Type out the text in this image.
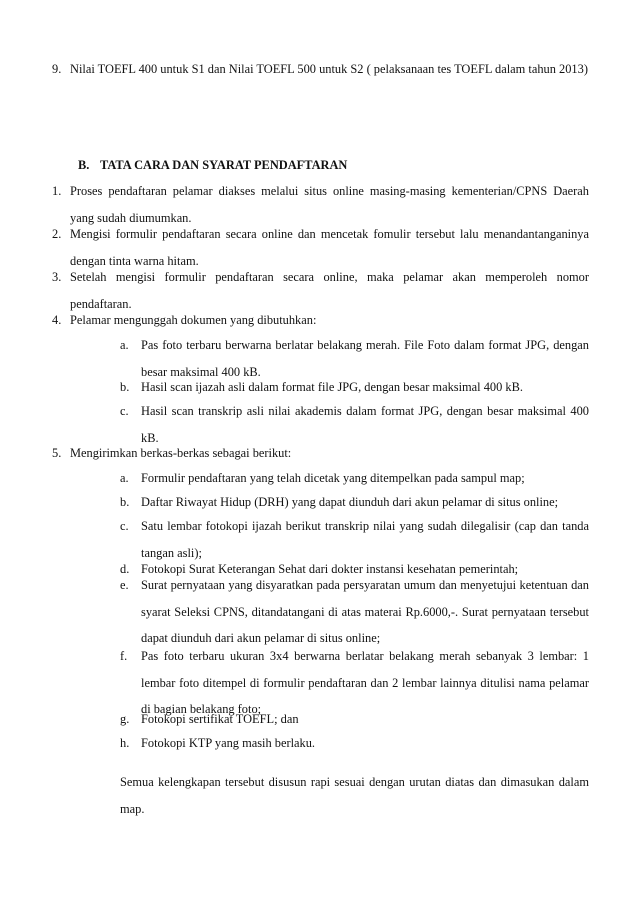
9. Nilai TOEFL 400 untuk S1 dan Nilai TOEFL 500 untuk S2 ( pelaksanaan tes TOEFL dalam tahun 2013)
B. TATA CARA DAN SYARAT PENDAFTARAN
1. Proses pendaftaran pelamar diakses melalui situs online masing-masing kementerian/CPNS Daerah yang sudah diumumkan.
2. Mengisi formulir pendaftaran secara online dan mencetak fomulir tersebut lalu menandantanganinya dengan tinta warna hitam.
3. Setelah mengisi formulir pendaftaran secara online, maka pelamar akan memperoleh nomor pendaftaran.
4. Pelamar mengunggah dokumen yang dibutuhkan:
a. Pas foto terbaru berwarna berlatar belakang merah. File Foto dalam format JPG, dengan besar maksimal 400 kB.
b. Hasil scan ijazah asli dalam format file JPG, dengan besar maksimal 400 kB.
c. Hasil scan transkrip asli nilai akademis dalam format JPG, dengan besar maksimal 400 kB.
5. Mengirimkan berkas-berkas sebagai berikut:
a. Formulir pendaftaran yang telah dicetak yang ditempelkan pada sampul map;
b. Daftar Riwayat Hidup (DRH) yang dapat diunduh dari akun pelamar di situs online;
c. Satu lembar fotokopi ijazah berikut transkrip nilai yang sudah dilegalisir (cap dan tanda tangan asli);
d. Fotokopi Surat Keterangan Sehat dari dokter instansi kesehatan pemerintah;
e. Surat pernyataan yang disyaratkan pada persyaratan umum dan menyetujui ketentuan dan syarat Seleksi CPNS, ditandatangani di atas materai Rp.6000,-. Surat pernyataan tersebut dapat diunduh dari akun pelamar di situs online;
f. Pas foto terbaru ukuran 3x4 berwarna berlatar belakang merah sebanyak 3 lembar: 1 lembar foto ditempel di formulir pendaftaran dan 2 lembar lainnya ditulisi nama pelamar di bagian belakang foto;
g. Fotokopi sertifikat TOEFL; dan
h. Fotokopi KTP yang masih berlaku.
Semua kelengkapan tersebut disusun rapi sesuai dengan urutan diatas dan dimasukan dalam map.
